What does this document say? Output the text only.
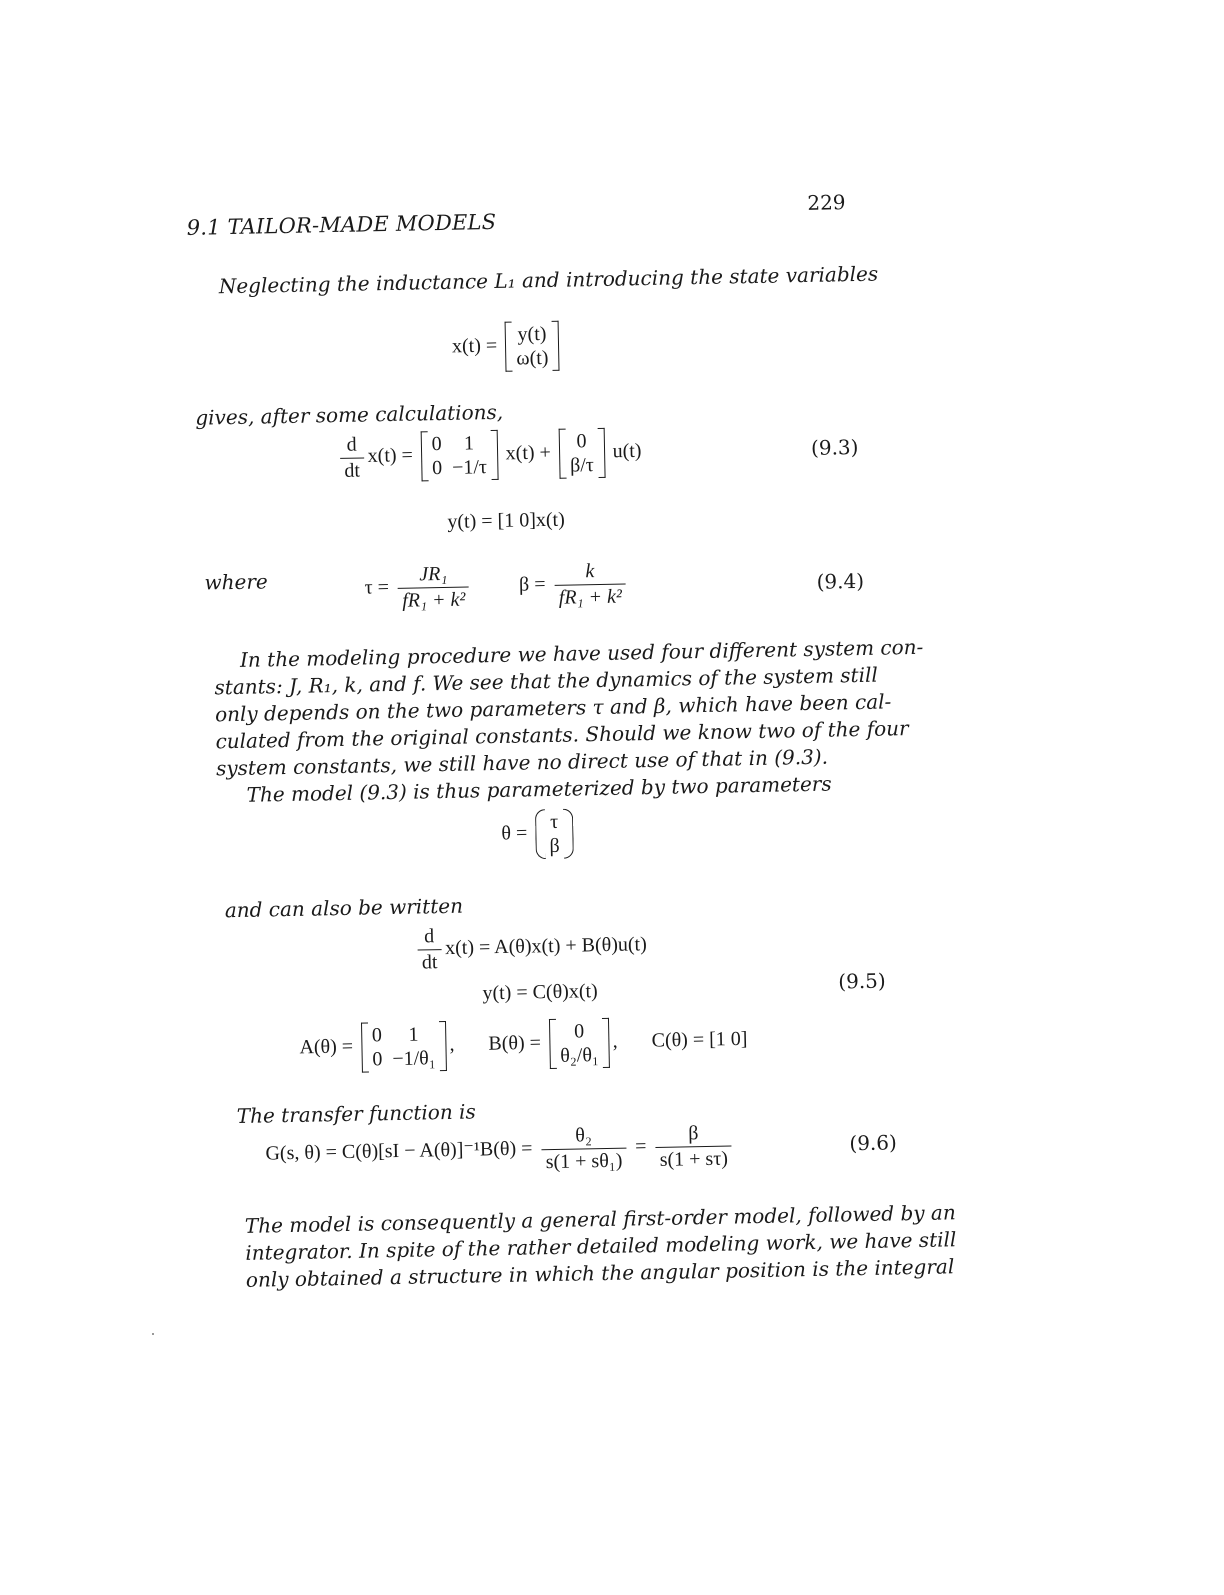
9.1 TAILOR-MADE MODELS
229
Neglecting the inductance L₁ and introducing the state variables
x(t) =
y(t)
ω(t)
gives, after some calculations,
$\frac{d}{dt} x(t)$ =
0 1
0 −1/τ
x(t) +
0
β/τ
u(t)	(9.3)
y(t) = [1 0]x(t)
where	$\tau = \frac{\text{JR₁}}{\text{fR₁ + k²}}$ $\beta = \frac{k}{\text{fR₁ + k²}}$	(9.4)
In the modeling procedure we have used four different system con-
stants: J, R₁, k, and f. We see that the dynamics of the system still
only depends on the two parameters τ and β, which have been cal-
culated from the original constants. Should we know two of the four
system constants, we still have no direct use of that in (9.3).
The model (9.3) is thus parameterized by two parameters
θ =
τ
β
and can also be written
$\frac{d}{dt} x(t) = A(\theta)x(t) + B(\theta)u(t)$
y(t) = C(θ)x(t)	(9.5)
A(θ) =
0 1
0 −1/θ₁
, B(θ) =
0
θ₂/θ₁
, C(θ) = [1 0]
The transfer function is
G(s, $\theta) = C(\theta)[sI - A(\theta)]^{-1}B(\theta) = \frac{\text{θ₂}}{\text{s(1 + sθ₁)}} = \frac{\beta}{s(1 + s\tau)}$	(9.6)
The model is consequently a general first-order model, followed by an
integrator. In spite of the rather detailed modeling work, we have still
only obtained a structure in which the angular position is the integral
